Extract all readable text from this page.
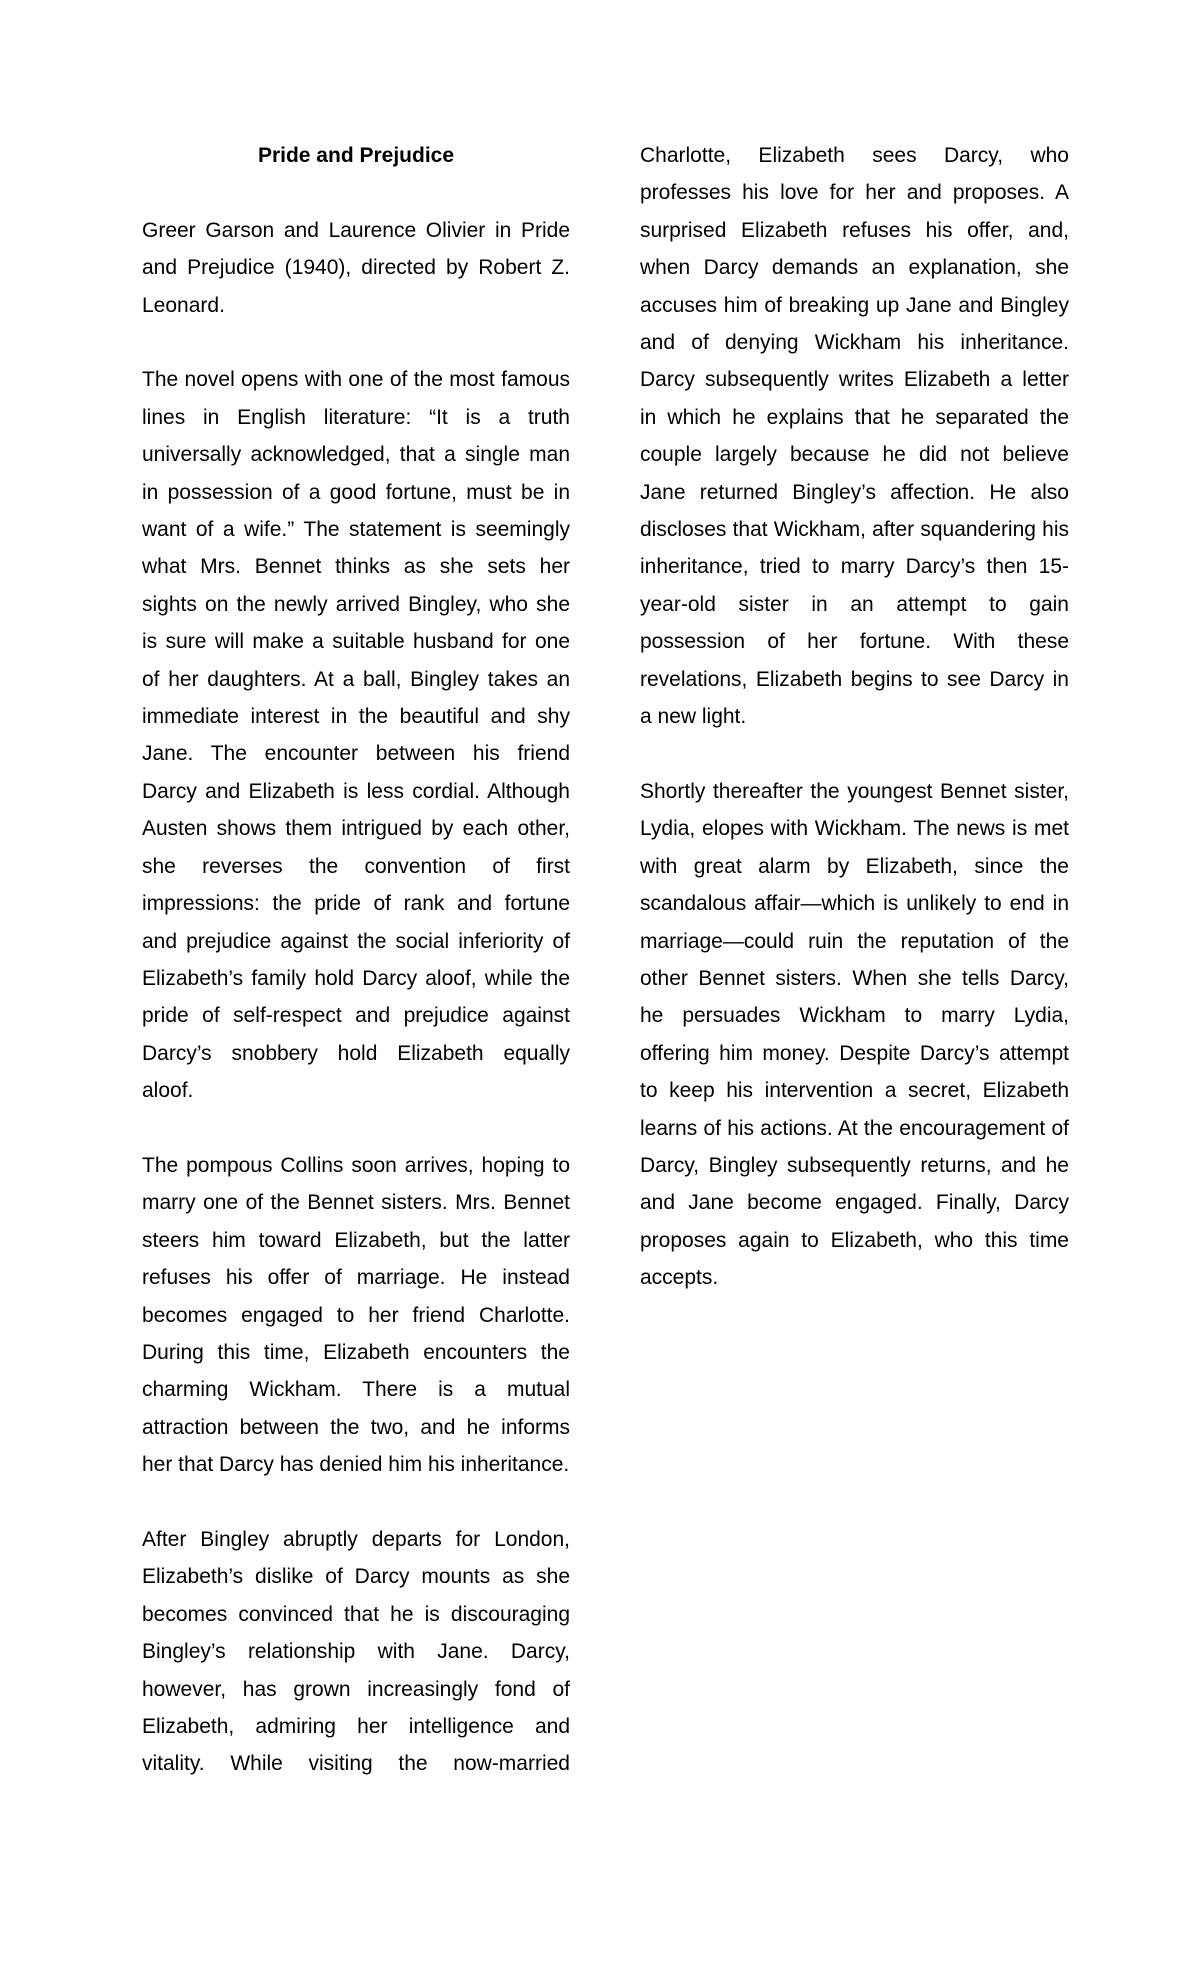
Pride and Prejudice

Greer Garson and Laurence Olivier in Pride and Prejudice (1940), directed by Robert Z. Leonard.

The novel opens with one of the most famous lines in English literature: “It is a truth universally acknowledged, that a single man in possession of a good fortune, must be in want of a wife.” The statement is seemingly what Mrs. Bennet thinks as she sets her sights on the newly arrived Bingley, who she is sure will make a suitable husband for one of her daughters. At a ball, Bingley takes an immediate interest in the beautiful and shy Jane. The encounter between his friend Darcy and Elizabeth is less cordial. Although Austen shows them intrigued by each other, she reverses the convention of first impressions: the pride of rank and fortune and prejudice against the social inferiority of Elizabeth’s family hold Darcy aloof, while the pride of self-respect and prejudice against Darcy’s snobbery hold Elizabeth equally aloof.

The pompous Collins soon arrives, hoping to marry one of the Bennet sisters. Mrs. Bennet steers him toward Elizabeth, but the latter refuses his offer of marriage. He instead becomes engaged to her friend Charlotte. During this time, Elizabeth encounters the charming Wickham. There is a mutual attraction between the two, and he informs her that Darcy has denied him his inheritance.

After Bingley abruptly departs for London, Elizabeth’s dislike of Darcy mounts as she becomes convinced that he is discouraging Bingley’s relationship with Jane. Darcy, however, has grown increasingly fond of Elizabeth, admiring her intelligence and vitality. While visiting the now-married

Charlotte, Elizabeth sees Darcy, who professes his love for her and proposes. A surprised Elizabeth refuses his offer, and, when Darcy demands an explanation, she accuses him of breaking up Jane and Bingley and of denying Wickham his inheritance. Darcy subsequently writes Elizabeth a letter in which he explains that he separated the couple largely because he did not believe Jane returned Bingley’s affection. He also discloses that Wickham, after squandering his inheritance, tried to marry Darcy’s then 15-year-old sister in an attempt to gain possession of her fortune. With these revelations, Elizabeth begins to see Darcy in a new light.

Shortly thereafter the youngest Bennet sister, Lydia, elopes with Wickham. The news is met with great alarm by Elizabeth, since the scandalous affair—which is unlikely to end in marriage—could ruin the reputation of the other Bennet sisters. When she tells Darcy, he persuades Wickham to marry Lydia, offering him money. Despite Darcy’s attempt to keep his intervention a secret, Elizabeth learns of his actions. At the encouragement of Darcy, Bingley subsequently returns, and he and Jane become engaged. Finally, Darcy proposes again to Elizabeth, who this time accepts.
